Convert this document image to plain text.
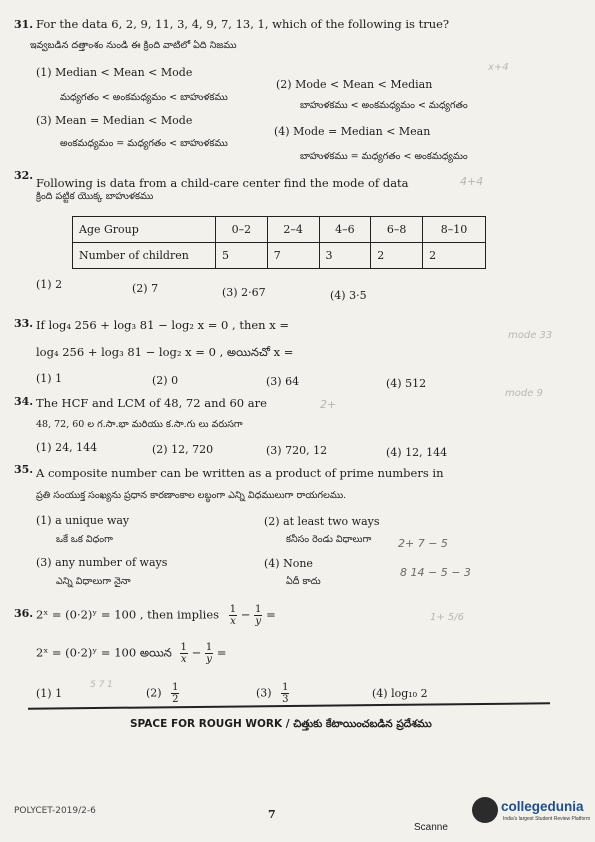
31. For the data 6, 2, 9, 11, 3, 4, 9, 7, 13, 1, which of the following is true?
ఇవ్వబడిన దత్తాంశం నుండి ఈ క్రింది వాటిలో ఏది నిజము
(1) Median < Mean < Mode
మధ్యగతం < అంకమధ్యమం < బాహుళకము
(2) Mode < Mean < Median
బాహుళకము < అంకమధ్యమం < మధ్యగతం
(3) Mean = Median < Mode
అంకమధ్యమం = మధ్యగతం < బాహుళకము
(4) Mode = Median < Mean
బాహుళకము = మధ్యగతం < అంకమధ్యమం
32.
Following is data from a child-care center find the mode of data
క్రింది పట్టిక యొక్క బాహుళకము
Age Group	0–2	2–4	4–6	6–8	8–10
Number of children	5	7	3	2	2
(1) 2	(2) 7	(3) 2·67	(4) 3·5
33. If log₄ 256 + log₃ 81 − log₂ x = 0 , then x =
log₄ 256 + log₃ 81 − log₂ x = 0 , అయినచో x =
(1) 1	(2) 0	(3) 64	(4) 512
34. The HCF and LCM of 48, 72 and 60 are
48, 72, 60 ల గ.సా.భా మరియు క.సా.గు లు వరుసగా
(1) 24, 144	(2) 12, 720	(3) 720, 12	(4) 12, 144
35. A composite number can be written as a product of prime numbers in
ప్రతి సంయుక్త సంఖ్యను ప్రధాన కారణాంకాల లబ్ధంగా ఎన్ని విధములుగా రాయగలము.
(1) a unique way
ఒకే ఒక విధంగా
(2) at least two ways
కనీసం రెండు విధాలుగా
(3) any number of ways
ఎన్ని విధాలుగా నైనా
(4) None
ఏదీ కాదు
36. 2ˣ = (0·2)ʸ = 100 , then implies $\frac{1}{x} - \frac{1}{y}$ =
2ˣ = (0·2)ʸ = 100 అయిన $\frac{1}{x} - \frac{1}{y}$ =
(1) 1	$(2) \frac{1}{2}$	$(3) \frac{1}{3}$	(4) log₁₀ 2
SPACE FOR ROUGH WORK / చిత్తుకు కేటాయించబడిన ప్రదేశము
x+4
4+4
mode 33
2+
2+ 7 − 5
8 14 − 5 − 3
1+ 5/6
mode 9
5 7 1
POLYCET-2019/2-6	7
Scanne
collegedunia
India's largest Student Review Platform
